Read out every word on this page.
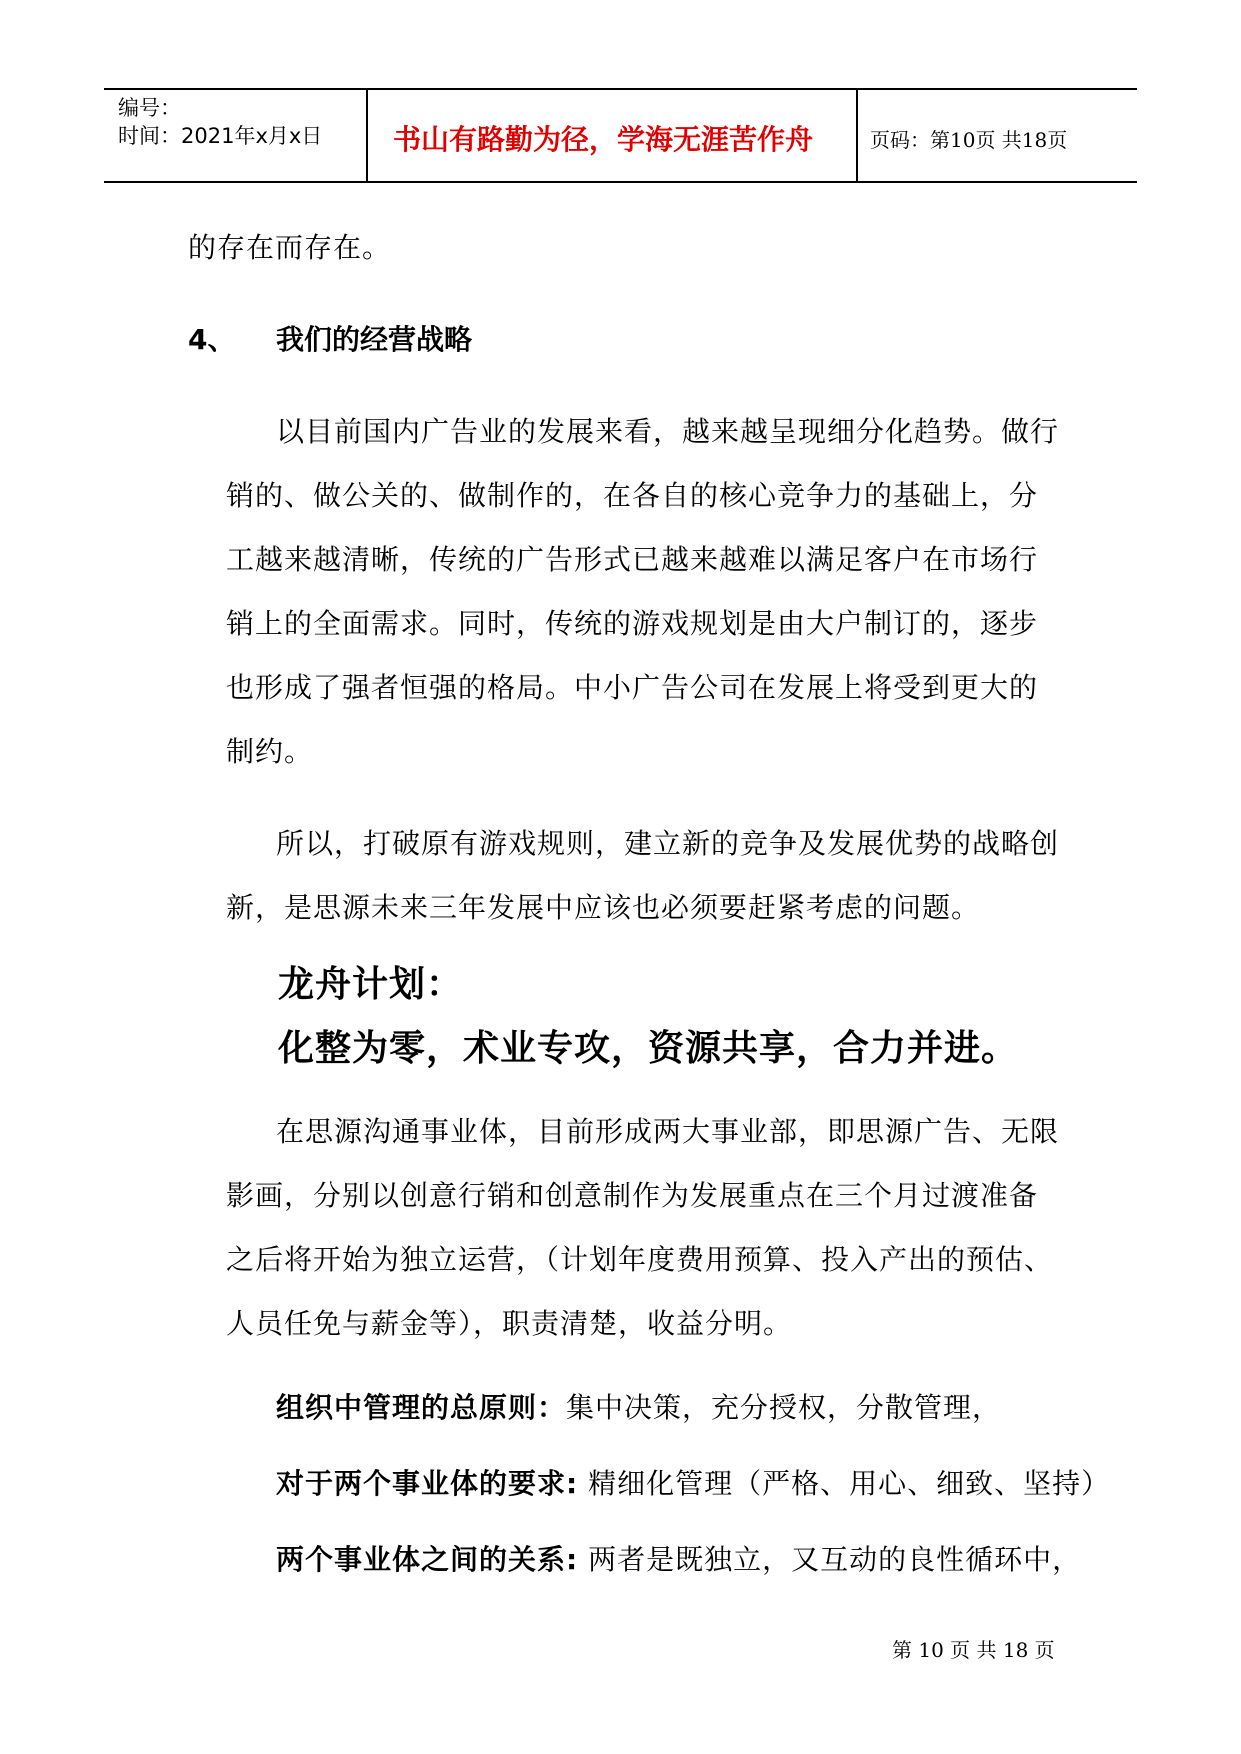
编号：
时间：2021年x月x日	书山有路勤为径，学海无涯苦作舟	页码：第10页 共18页
的存在而存在。
4、 我们的经营战略
以目前国内广告业的发展来看，越来越呈现细分化趋势。做行
销的、做公关的、做制作的，在各自的核心竞争力的基础上，分
工越来越清晰，传统的广告形式已越来越难以满足客户在市场行
销上的全面需求。同时，传统的游戏规划是由大户制订的，逐步
也形成了强者恒强的格局。中小广告公司在发展上将受到更大的
制约。
所以，打破原有游戏规则，建立新的竞争及发展优势的战略创
新，是思源未来三年发展中应该也必须要赶紧考虑的问题。
龙舟计划：
化整为零，术业专攻，资源共享，合力并进。
在思源沟通事业体，目前形成两大事业部，即思源广告、无限
影画，分别以创意行销和创意制作为发展重点在三个月过渡准备
之后将开始为独立运营，（计划年度费用预算、投入产出的预估、
人员任免与薪金等），职责清楚，收益分明。
组织中管理的总原则：集中决策，充分授权，分散管理，
对于两个事业体的要求: 精细化管理（严格、用心、细致、坚持）
两个事业体之间的关系: 两者是既独立，又互动的良性循环中，
第 10 页 共 18 页
